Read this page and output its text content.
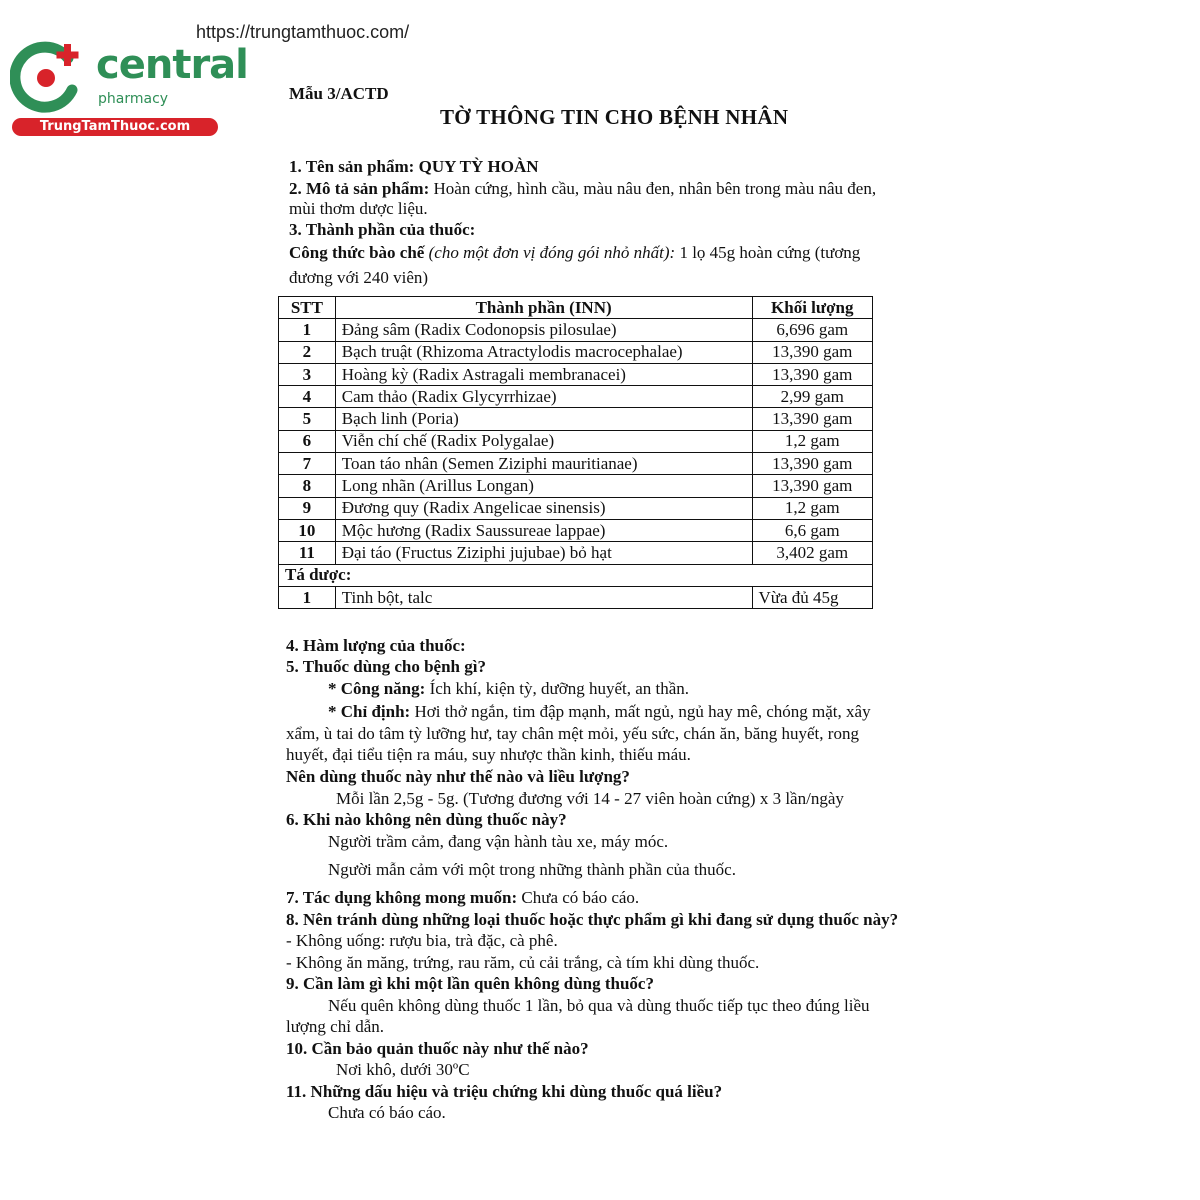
central
pharmacy
TrungTamThuoc.com
https://trungtamthuoc.com/
Mẫu 3/ACTD
TỜ THÔNG TIN CHO BỆNH NHÂN
1. Tên sản phẩm: QUY TỲ HOÀN
2. Mô tả sản phẩm: Hoàn cứng, hình cầu, màu nâu đen, nhân bên trong màu nâu đen,
mùi thơm dược liệu.
3. Thành phần của thuốc:
Công thức bào chế (cho một đơn vị đóng gói nhỏ nhất): 1 lọ 45g hoàn cứng (tương
đương với 240 viên)
STT	Thành phần (INN)	Khối lượng
1	Đảng sâm (Radix Codonopsis pilosulae)	6,696 gam
2	Bạch truật (Rhizoma Atractylodis macrocephalae)	13,390 gam
3	Hoàng kỳ (Radix Astragali membranacei)	13,390 gam
4	Cam thảo (Radix Glycyrrhizae)	2,99 gam
5	Bạch linh (Poria)	13,390 gam
6	Viễn chí chế (Radix Polygalae)	1,2 gam
7	Toan táo nhân (Semen Ziziphi mauritianae)	13,390 gam
8	Long nhãn (Arillus Longan)	13,390 gam
9	Đương quy (Radix Angelicae sinensis)	1,2 gam
10	Mộc hương (Radix Saussureae lappae)	6,6 gam
11	Đại táo (Fructus Ziziphi jujubae) bỏ hạt	3,402 gam
Tá dược:		
1	Tinh bột, talc	Vừa đủ 45g
4. Hàm lượng của thuốc:
5. Thuốc dùng cho bệnh gì?
* Công năng: Ích khí, kiện tỳ, dưỡng huyết, an thần.
* Chỉ định: Hơi thở ngắn, tim đập mạnh, mất ngủ, ngủ hay mê, chóng mặt, xây
xẩm, ù tai do tâm tỳ lưỡng hư, tay chân mệt mỏi, yếu sức, chán ăn, băng huyết, rong
huyết, đại tiểu tiện ra máu, suy nhược thần kinh, thiếu máu.
Nên dùng thuốc này như thế nào và liều lượng?
Mỗi lần 2,5g - 5g. (Tương đương với 14 - 27 viên hoàn cứng) x 3 lần/ngày
6. Khi nào không nên dùng thuốc này?
Người trầm cảm, đang vận hành tàu xe, máy móc.
Người mẫn cảm với một trong những thành phần của thuốc.
7. Tác dụng không mong muốn: Chưa có báo cáo.
8. Nên tránh dùng những loại thuốc hoặc thực phẩm gì khi đang sử dụng thuốc này?
- Không uống: rượu bia, trà đặc, cà phê.
- Không ăn măng, trứng, rau răm, củ cải trắng, cà tím khi dùng thuốc.
9. Cần làm gì khi một lần quên không dùng thuốc?
Nếu quên không dùng thuốc 1 lần, bỏ qua và dùng thuốc tiếp tục theo đúng liều
lượng chỉ dẫn.
10. Cần bảo quản thuốc này như thế nào?
Nơi khô, dưới 30ºC
11. Những dấu hiệu và triệu chứng khi dùng thuốc quá liều?
Chưa có báo cáo.
